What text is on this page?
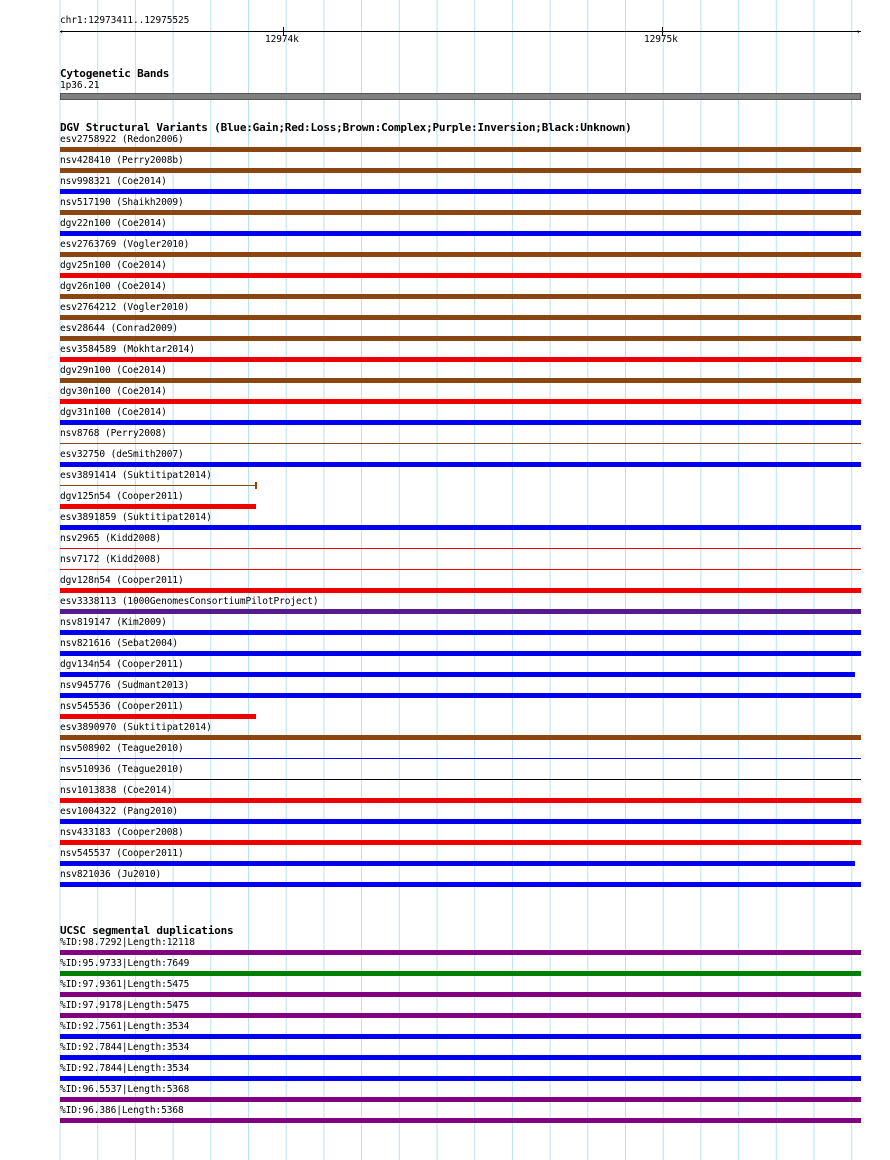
chr1:12973411..12975525
‹	›
12974k	12975k
Cytogenetic Bands
1p36.21
DGV Structural Variants (Blue:Gain;Red:Loss;Brown:Complex;Purple:Inversion;Black:Unknown)
esv2758922 (Redon2006)
nsv428410 (Perry2008b)
nsv998321 (Coe2014)
nsv517190 (Shaikh2009)
dgv22n100 (Coe2014)
esv2763769 (Vogler2010)
dgv25n100 (Coe2014)
dgv26n100 (Coe2014)
esv2764212 (Vogler2010)
esv28644 (Conrad2009)
esv3584589 (Mokhtar2014)
dgv29n100 (Coe2014)
dgv30n100 (Coe2014)
dgv31n100 (Coe2014)
nsv8768 (Perry2008)
esv32750 (deSmith2007)
esv3891414 (Suktitipat2014)
dgv125n54 (Cooper2011)
esv3891859 (Suktitipat2014)
nsv2965 (Kidd2008)
nsv7172 (Kidd2008)
dgv128n54 (Cooper2011)
esv3338113 (1000GenomesConsortiumPilotProject)
nsv819147 (Kim2009)
nsv821616 (Sebat2004)
dgv134n54 (Cooper2011)
nsv945776 (Sudmant2013)
nsv545536 (Cooper2011)
esv3890970 (Suktitipat2014)
nsv508902 (Teague2010)
nsv510936 (Teague2010)
nsv1013838 (Coe2014)
esv1004322 (Pang2010)
nsv433183 (Cooper2008)
nsv545537 (Cooper2011)
nsv821036 (Ju2010)
UCSC segmental duplications
%ID:98.7292|Length:12118
%ID:95.9733|Length:7649
%ID:97.9361|Length:5475
%ID:97.9178|Length:5475
%ID:92.7561|Length:3534
%ID:92.7844|Length:3534
%ID:92.7844|Length:3534
%ID:96.5537|Length:5368
%ID:96.386|Length:5368
